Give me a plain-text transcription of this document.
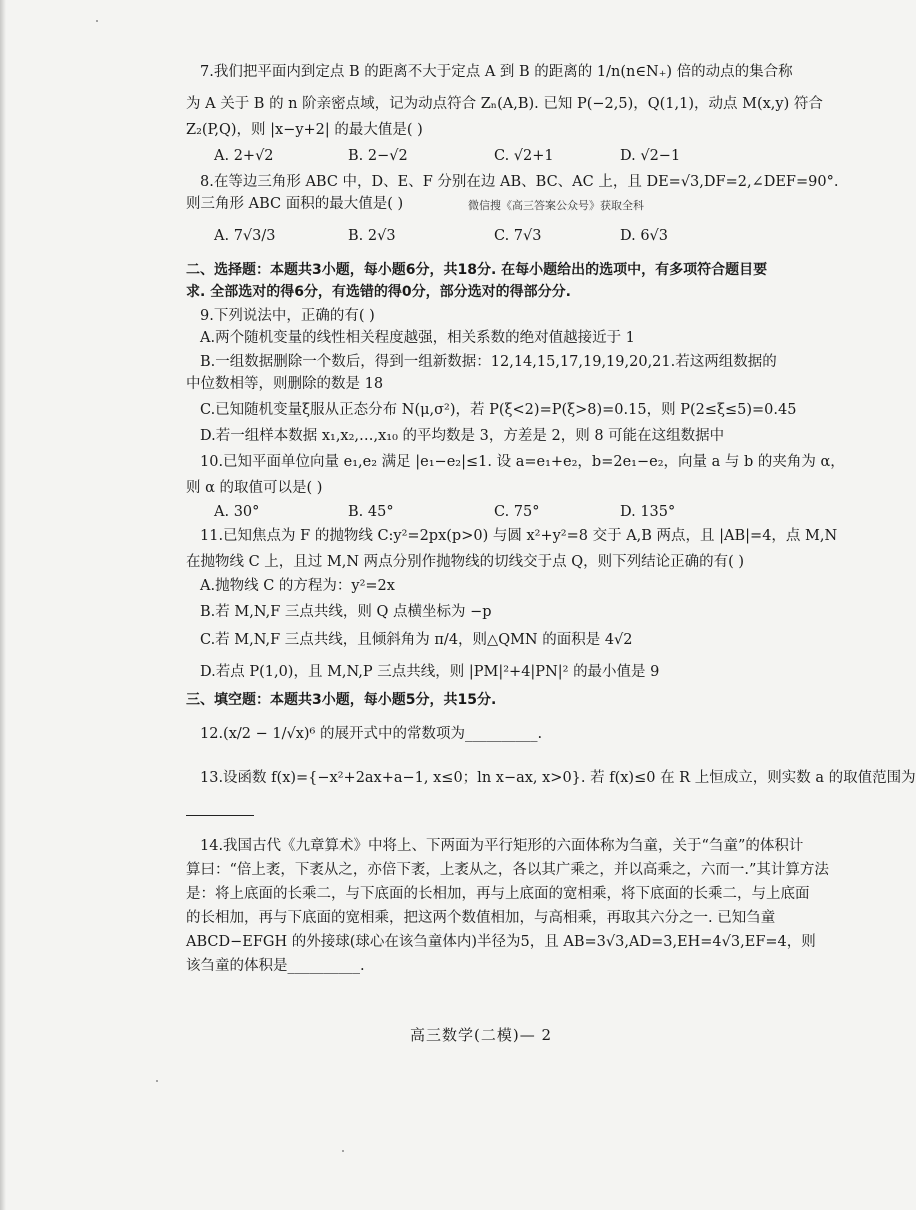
7.我们把平面内到定点 B 的距离不大于定点 A 到 B 的距离的 1/n(n∈N₊) 倍的动点的集合称
为 A 关于 B 的 n 阶亲密点域，记为动点符合 Zₙ(A,B). 已知 P(−2,5)，Q(1,1)，动点 M(x,y) 符合
Z₂(P,Q)，则 |x−y+2| 的最大值是( )
A. 2+√2	B. 2−√2	C. √2+1	D. √2−1
8.在等边三角形 ABC 中，D、E、F 分别在边 AB、BC、AC 上，且 DE=√3,DF=2,∠DEF=90°.
则三角形 ABC 面积的最大值是( )	微信搜《高三答案公众号》获取全科
A. 7√3/3	B. 2√3	C. 7√3	D. 6√3
二、选择题：本题共3小题，每小题6分，共18分. 在每小题给出的选项中，有多项符合题目要
求. 全部选对的得6分，有选错的得0分，部分选对的得部分分.
9.下列说法中，正确的有( )
A.两个随机变量的线性相关程度越强，相关系数的绝对值越接近于 1
B.一组数据删除一个数后，得到一组新数据：12,14,15,17,19,19,20,21.若这两组数据的
中位数相等，则删除的数是 18
C.已知随机变量ξ服从正态分布 N(μ,σ²)，若 P(ξ<2)=P(ξ>8)=0.15，则 P(2≤ξ≤5)=0.45
D.若一组样本数据 x₁,x₂,…,x₁₀ 的平均数是 3，方差是 2，则 8 可能在这组数据中
10.已知平面单位向量 e₁,e₂ 满足 |e₁−e₂|≤1. 设 a=e₁+e₂，b=2e₁−e₂，向量 a 与 b 的夹角为 α，
则 α 的取值可以是( )
A. 30°	B. 45°	C. 75°	D. 135°
11.已知焦点为 F 的抛物线 C:y²=2px(p>0) 与圆 x²+y²=8 交于 A,B 两点，且 |AB|=4，点 M,N
在抛物线 C 上，且过 M,N 两点分别作抛物线的切线交于点 Q，则下列结论正确的有( )
A.抛物线 C 的方程为：y²=2x
B.若 M,N,F 三点共线，则 Q 点横坐标为 −p
C.若 M,N,F 三点共线，且倾斜角为 π/4，则△QMN 的面积是 4√2
D.若点 P(1,0)，且 M,N,P 三点共线，则 |PM|²+4|PN|² 的最小值是 9
三、填空题：本题共3小题，每小题5分，共15分.
12.(x/2 − 1/√x)⁶ 的展开式中的常数项为__________.
13.设函数 f(x)={−x²+2ax+a−1, x≤0；ln x−ax, x>0}. 若 f(x)≤0 在 R 上恒成立，则实数 a 的取值范围为
14.我国古代《九章算术》中将上、下两面为平行矩形的六面体称为刍童，关于“刍童”的体积计
算曰：“倍上袤，下袤从之，亦倍下袤，上袤从之，各以其广乘之，并以高乘之，六而一.”其计算方法
是：将上底面的长乘二，与下底面的长相加，再与上底面的宽相乘，将下底面的长乘二，与上底面
的长相加，再与下底面的宽相乘，把这两个数值相加，与高相乘，再取其六分之一. 已知刍童
ABCD−EFGH 的外接球(球心在该刍童体内)半径为5，且 AB=3√3,AD=3,EH=4√3,EF=4，则
该刍童的体积是__________.
高三数学(二模)— 2
